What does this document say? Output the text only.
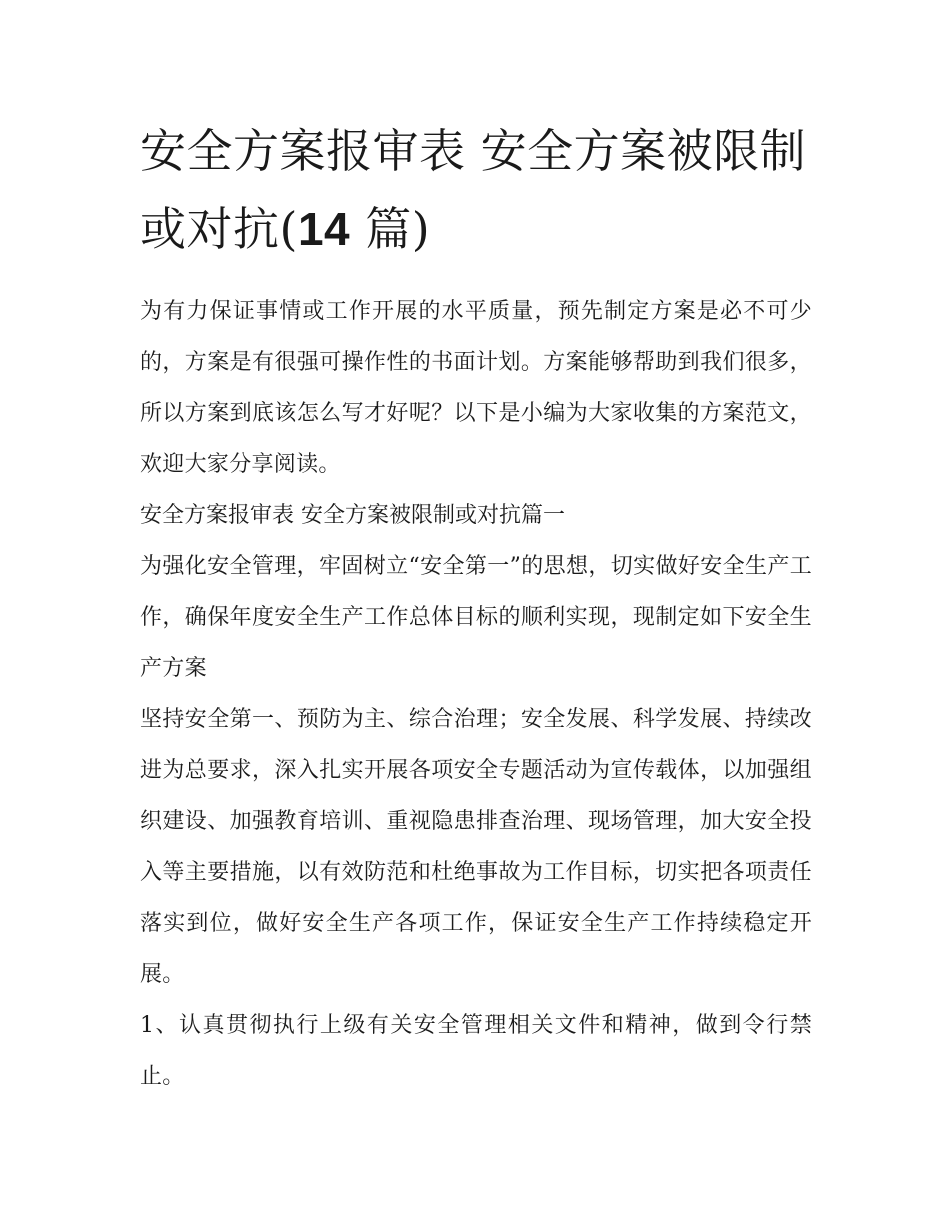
安全方案报审表 安全方案被限制或对抗(14 篇)

为有力保证事情或工作开展的水平质量，预先制定方案是必不可少的，方案是有很强可操作性的书面计划。方案能够帮助到我们很多，所以方案到底该怎么写才好呢？以下是小编为大家收集的方案范文，欢迎大家分享阅读。

安全方案报审表 安全方案被限制或对抗篇一

为强化安全管理，牢固树立“安全第一”的思想，切实做好安全生产工作，确保年度安全生产工作总体目标的顺利实现，现制定如下安全生产方案

坚持安全第一、预防为主、综合治理；安全发展、科学发展、持续改进为总要求，深入扎实开展各项安全专题活动为宣传载体，以加强组织建设、加强教育培训、重视隐患排查治理、现场管理，加大安全投入等主要措施，以有效防范和杜绝事故为工作目标，切实把各项责任落实到位，做好安全生产各项工作，保证安全生产工作持续稳定开展。

1、认真贯彻执行上级有关安全管理相关文件和精神，做到令行禁止。
